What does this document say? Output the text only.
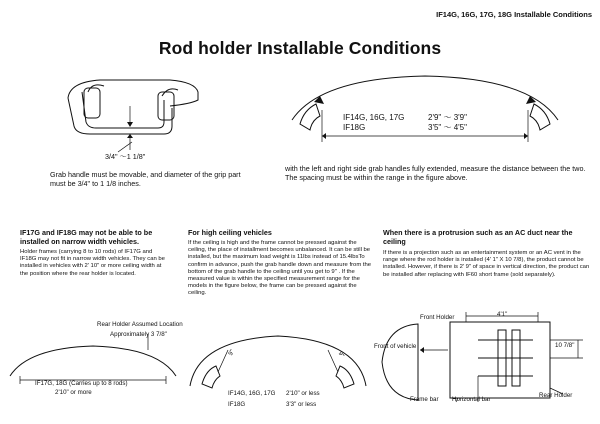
IF14G, 16G, 17G, 18G Installable Conditions
Rod holder Installable Conditions
3/4" ～1 1/8"
Grab handle must be movable, and diameter of the grip part must be 3/4" to 1 1/8 inches.
IF14G, 16G, 17G	2'9" ～ 3'9"
IF18G	3'5" ～ 4'5"
with the left and right side grab handles fully extended, measure the distance between the two. The spacing must be within the range in the figure above.
IF17G and IF18G may not be able to be installed on narrow width vehicles.
Holder frames (carrying 8 to 10 rods) of IF17G and IF18G may not fit in narrow width vehicles. They can be installed in vehicles with 2' 10" or more ceiling width at the position where the rear holder is located.
Rear Holder Assumed Location
Approximately 3 7/8"
IF17G, 18G (Carries up to 8 rods)
2'10" or more
For high ceiling vehicles
If the ceiling is high and the frame cannot be pressed against the ceiling, the place of installment becomes unbalanced. It can be still be installed, but the maximum load weight is 11lbs instead of 15.4lbsTo confirm in advance, push the grab handle down and measure from the bottom of the grab handle to the ceiling until you get to 9" . If the measured value is within the specified measurement range for the models in the figure below, the frame can be pressed against the ceiling.
9"	9"
IF14G, 16G, 17G	2'10" or less
IF18G	3'3" or less
When there is a protrusion such as an AC duct near the ceiling
If there is a projection such as an entertainment system or an AC vent in the range where the rod holder is installed (4' 1" X 10 7/8), the product cannot be installed. However, if there is 2' 9" of space in vertical direction, the product can be installed after replacing with IF60 short frame (sold separately).
Front Holder	4'1"
10 7/8"
Front of vehicle
Frame bar Horizontal bar
Rear Holder
